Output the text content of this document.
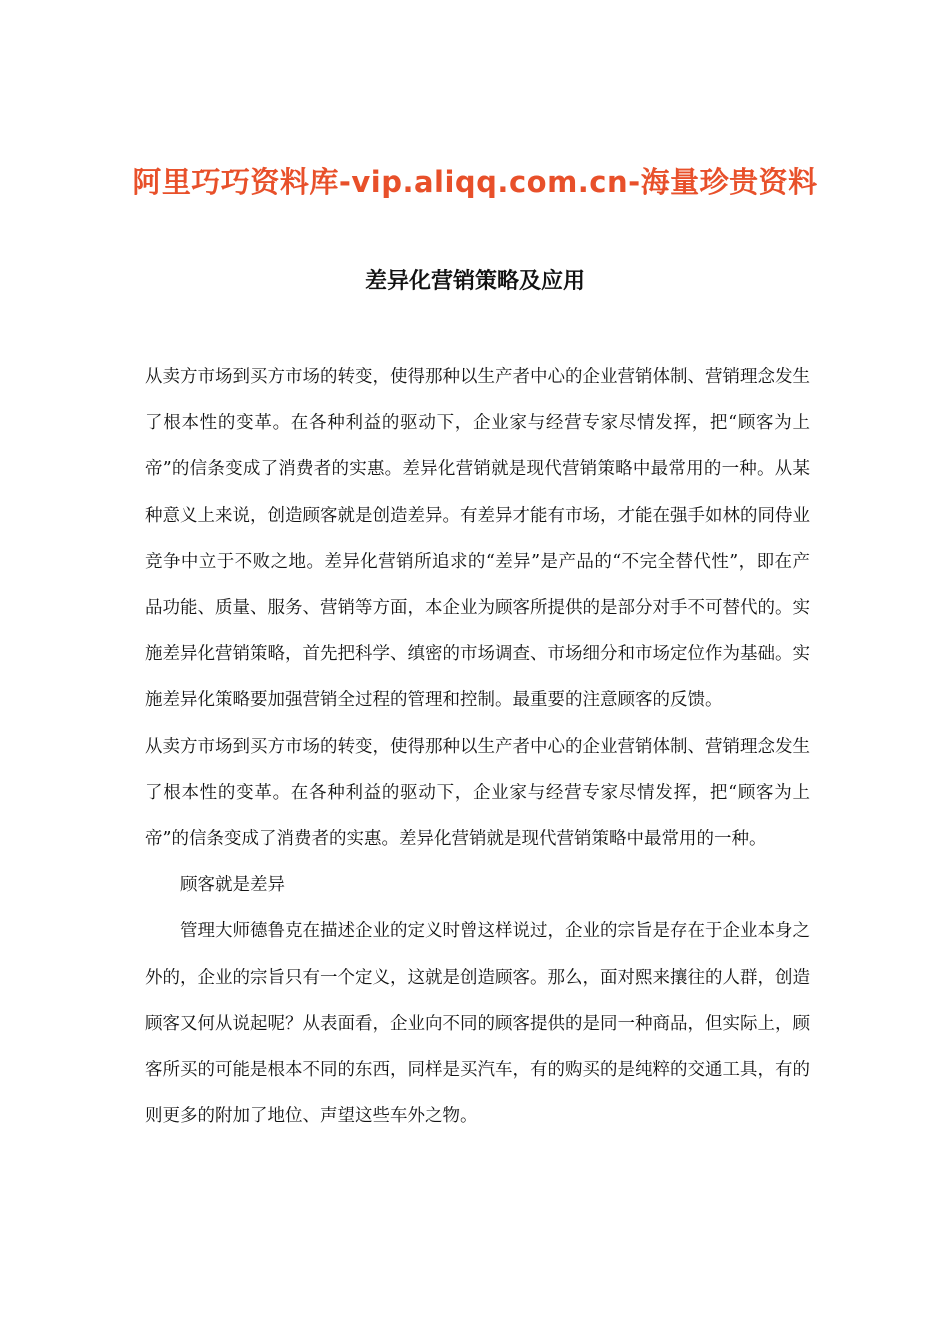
阿里巧巧资料库-vip.aliqq.com.cn-海量珍贵资料
差异化营销策略及应用

从卖方市场到买方市场的转变，使得那种以生产者中心的企业营销体制、营销理念发生了根本性的变革。在各种利益的驱动下，企业家与经营专家尽情发挥，把“顾客为上帝”的信条变成了消费者的实惠。差异化营销就是现代营销策略中最常用的一种。从某种意义上来说，创造顾客就是创造差异。有差异才能有市场，才能在强手如林的同侍业竞争中立于不败之地。差异化营销所追求的“差异”是产品的“不完全替代性”，即在产品功能、质量、服务、营销等方面，本企业为顾客所提供的是部分对手不可替代的。实施差异化营销策略，首先把科学、缜密的市场调查、市场细分和市场定位作为基础。实施差异化策略要加强营销全过程的管理和控制。最重要的注意顾客的反馈。

从卖方市场到买方市场的转变，使得那种以生产者中心的企业营销体制、营销理念发生了根本性的变革。在各种利益的驱动下，企业家与经营专家尽情发挥，把“顾客为上帝”的信条变成了消费者的实惠。差异化营销就是现代营销策略中最常用的一种。

顾客就是差异

管理大师德鲁克在描述企业的定义时曾这样说过，企业的宗旨是存在于企业本身之外的，企业的宗旨只有一个定义，这就是创造顾客。那么，面对熙来攘往的人群，创造顾客又何从说起呢？从表面看，企业向不同的顾客提供的是同一种商品，但实际上，顾客所买的可能是根本不同的东西，同样是买汽车，有的购买的是纯粹的交通工具，有的则更多的附加了地位、声望这些车外之物。
